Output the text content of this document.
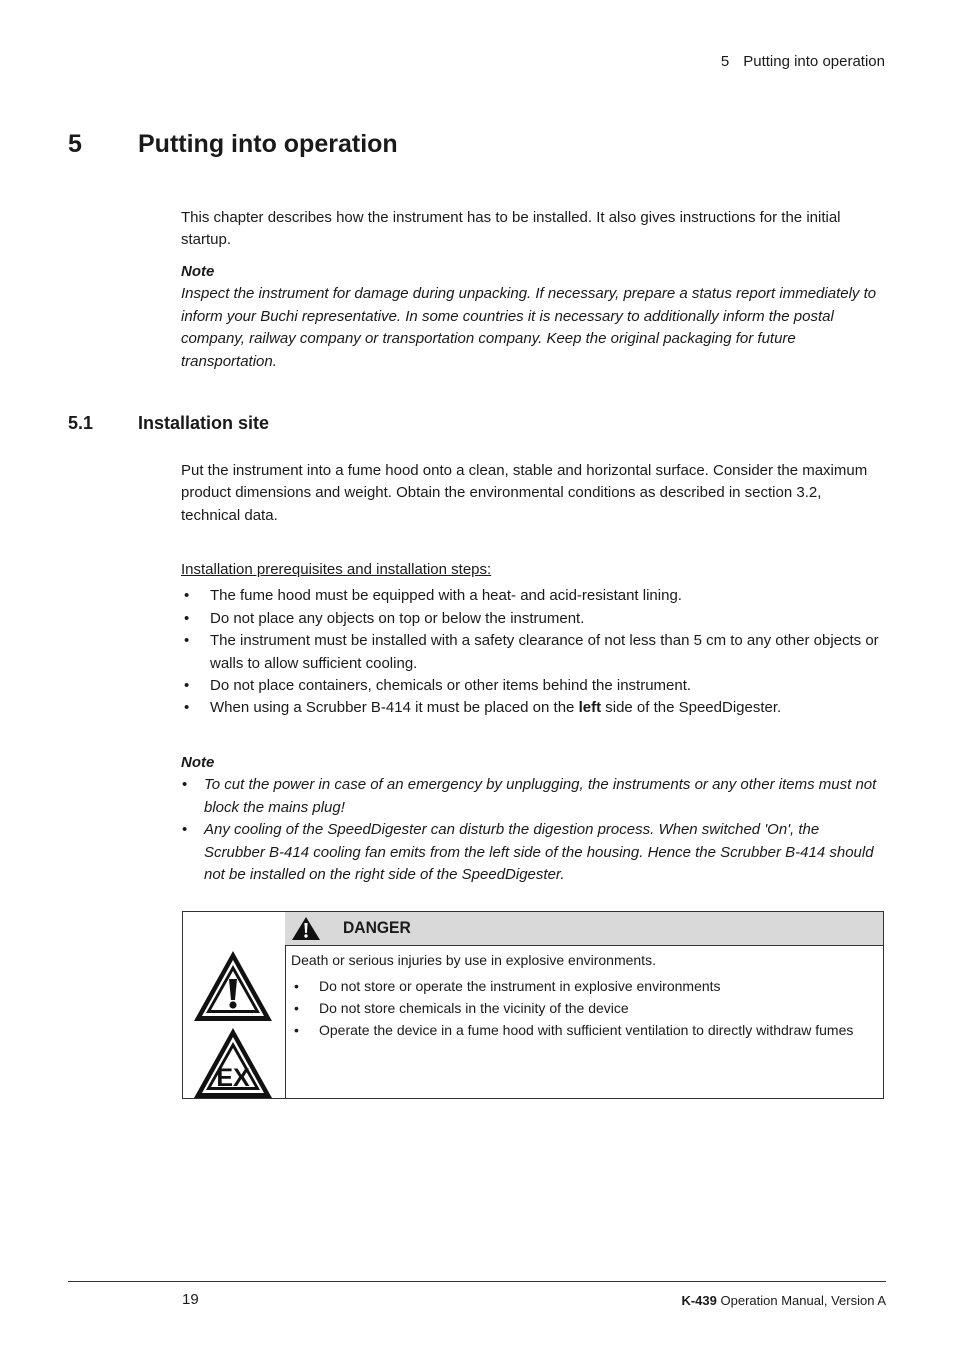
5 Putting into operation
5 Putting into operation

This chapter describes how the instrument has to be installed. It also gives instructions for the initial startup.

Note

Inspect the instrument for damage during unpacking. If necessary, prepare a status report immediately to inform your Buchi representative. In some countries it is necessary to additionally inform the postal company, railway company or transportation company. Keep the original packaging for future transportation.

5.1 Installation site

Put the instrument into a fume hood onto a clean, stable and horizontal surface. Consider the maximum product dimensions and weight. Obtain the environmental conditions as described in section 3.2, technical data.

Installation prerequisites and installation steps:

• The fume hood must be equipped with a heat- and acid-resistant lining.
• Do not place any objects on top or below the instrument.
• The instrument must be installed with a safety clearance of not less than 5 cm to any other objects or walls to allow sufficient cooling.
• Do not place containers, chemicals or other items behind the instrument.
• When using a Scrubber B-414 it must be placed on the left side of the SpeedDigester.

Note

• To cut the power in case of an emergency by unplugging, the instruments or any other items must not block the mains plug!
• Any cooling of the SpeedDigester can disturb the digestion process. When switched 'On', the Scrubber B-414 cooling fan emits from the left side of the housing. Hence the Scrubber B-414 should not be installed on the right side of the SpeedDigester.
EX
DANGER

Death or serious injuries by use in explosive environments.

• Do not store or operate the instrument in explosive environments
• Do not store chemicals in the vicinity of the device
• Operate the device in a fume hood with sufficient ventilation to directly withdraw fumes
19	K-439 Operation Manual, Version A
